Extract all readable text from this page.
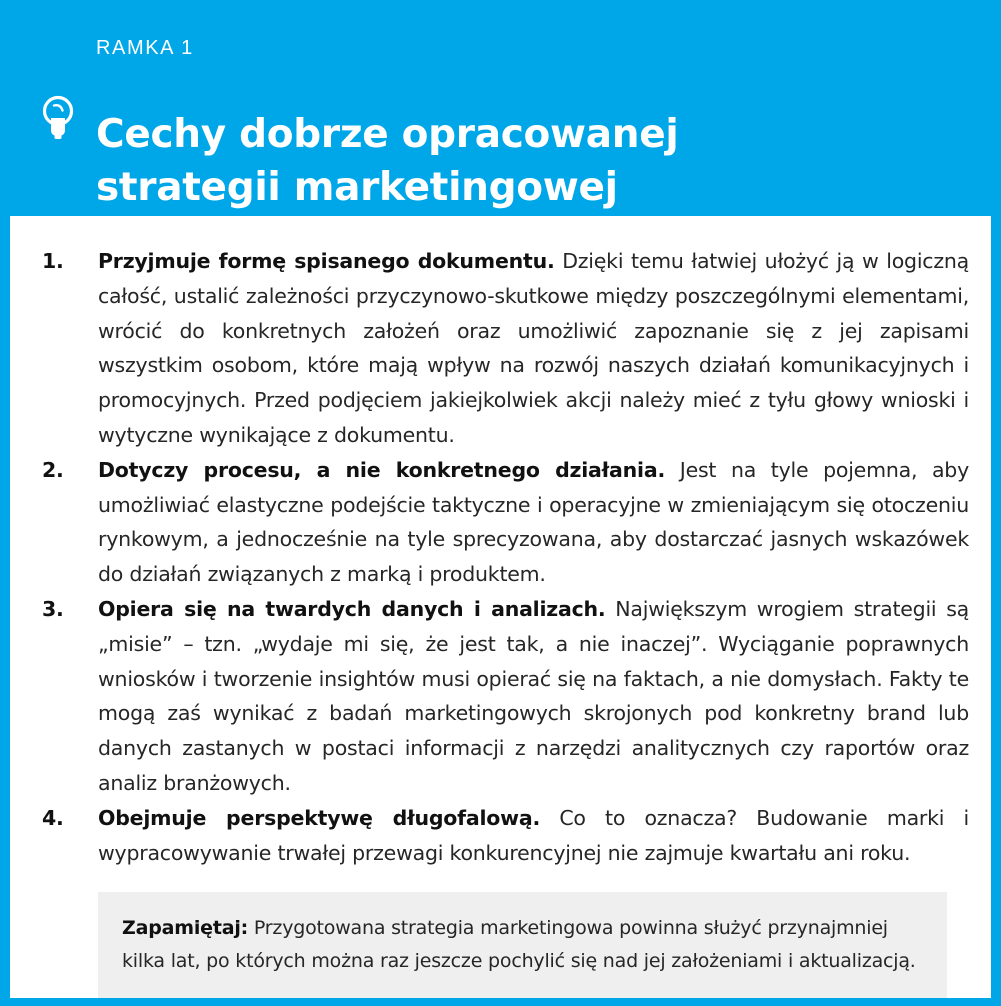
RAMKA 1
Cechy dobrze opracowanej
strategii marketingowej
1.	Przyjmuje formę spisanego dokumentu. Dzięki temu łatwiej ułożyć ją w logiczną całość, ustalić zależności przyczynowo-skutkowe między poszczególnymi elementami, wrócić do konkretnych założeń oraz umożliwić zapoznanie się z jej zapisami wszystkim osobom, które mają wpływ na rozwój naszych działań komunikacyjnych i promocyjnych. Przed podjęciem jakiejkolwiek akcji należy mieć z tyłu głowy wnioski i wytyczne wynikające z dokumentu.
2.	Dotyczy procesu, a nie konkretnego działania. Jest na tyle pojemna, aby umożliwiać elastyczne podejście taktyczne i operacyjne w zmieniającym się otoczeniu rynkowym, a jednocześnie na tyle sprecyzowana, aby dostarczać jasnych wskazówek do działań związanych z marką i produktem.
3.	Opiera się na twardych danych i analizach. Największym wrogiem strategii są „misie” – tzn. „wydaje mi się, że jest tak, a nie inaczej”. Wyciąganie poprawnych wniosków i tworzenie insightów musi opierać się na faktach, a nie domysłach. Fakty te mogą zaś wynikać z badań marketingowych skrojonych pod konkretny brand lub danych zastanych w postaci informacji z narzędzi analitycznych czy raportów oraz analiz branżowych.
4.	Obejmuje perspektywę długofalową. Co to oznacza? Budowanie marki i wypracowywanie trwałej przewagi konkurencyjnej nie zajmuje kwartału ani roku.
Zapamiętaj: Przygotowana strategia marketingowa powinna służyć przynajmniej kilka lat, po których można raz jeszcze pochylić się nad jej założeniami i aktualizacją.
